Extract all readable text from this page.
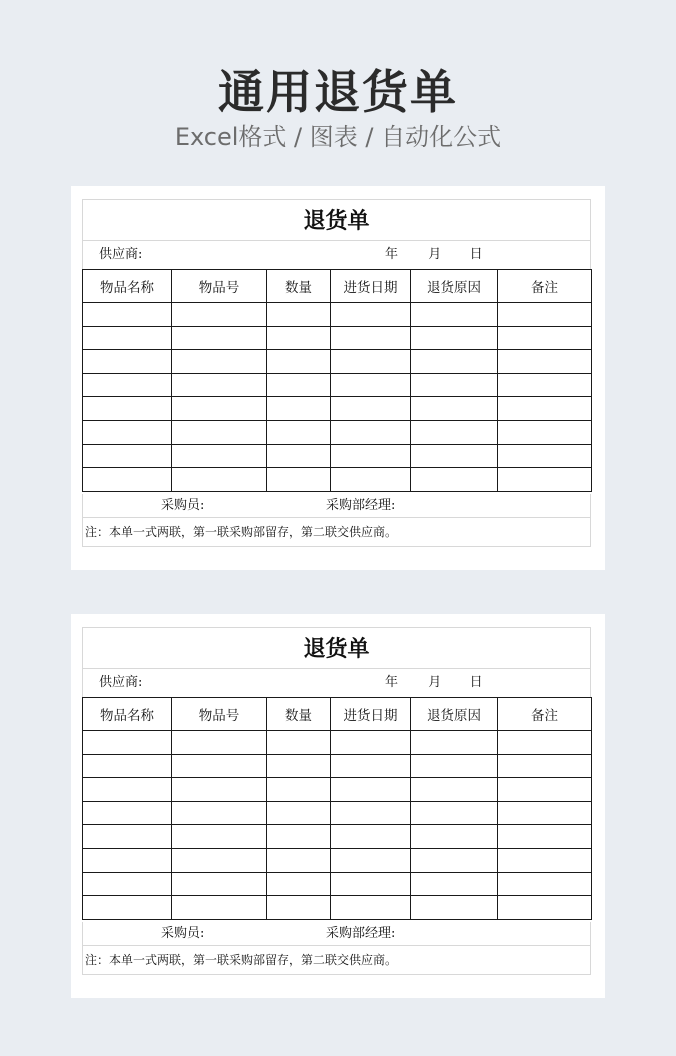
通用退货单
Excel格式 / 图表 / 自动化公式
退货单
供应商:	年 月 日
物品名称	物品号	数量	进货日期	退货原因	备注

采购员:	采购部经理:
注：本单一式两联，第一联采购部留存，第二联交供应商。
退货单
供应商:	年 月 日
物品名称	物品号	数量	进货日期	退货原因	备注

采购员:	采购部经理:
注：本单一式两联，第一联采购部留存，第二联交供应商。
